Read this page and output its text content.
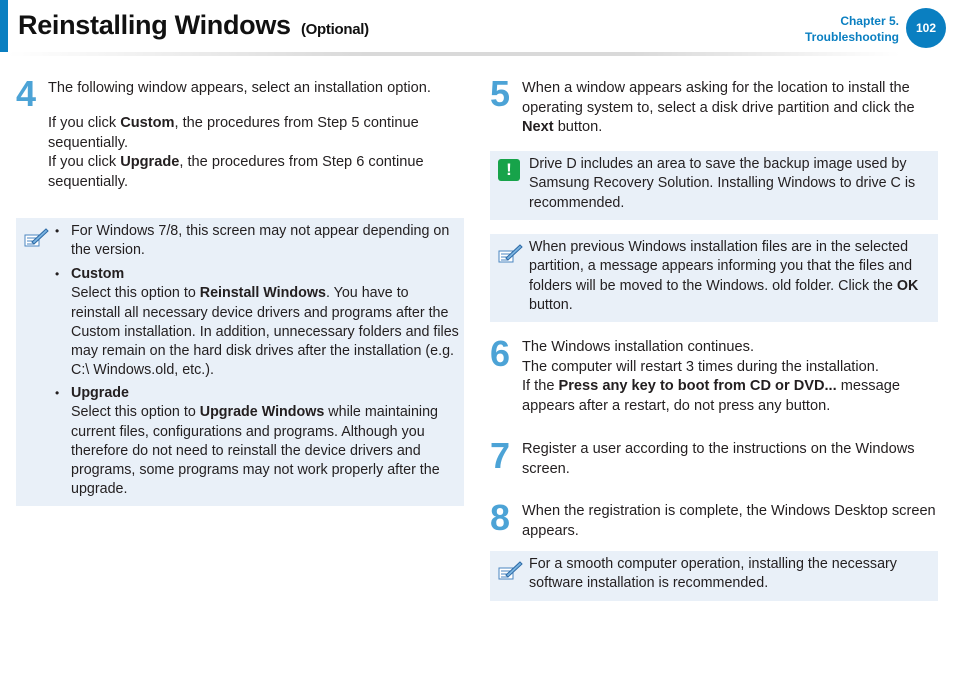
Reinstalling Windows (Optional)	Chapter 5.
Troubleshooting
102
4 The following window appears, select an installation option.
If you click Custom, the procedures from Step 5 continue sequentially.
If you click Upgrade, the procedures from Step 6 continue sequentially.
• For Windows 7/8, this screen may not appear depending on the version.
• Custom
Select this option to Reinstall Windows. You have to reinstall all necessary device drivers and programs after the Custom installation. In addition, unnecessary folders and files may remain on the hard disk drives after the installation (e.g. C:\ Windows.old, etc.).
• Upgrade
Select this option to Upgrade Windows while maintaining current files, configurations and programs. Although you therefore do not need to reinstall the device drivers and programs, some programs may not work properly after the upgrade.
5 When a window appears asking for the location to install the operating system to, select a disk drive partition and click the Next button.
!	Drive D includes an area to save the backup image used by Samsung Recovery Solution. Installing Windows to drive C is recommended.
When previous Windows installation files are in the selected partition, a message appears informing you that the files and folders will be moved to the Windows. old folder. Click the OK button.
6 The Windows installation continues.
The computer will restart 3 times during the installation.
If the Press any key to boot from CD or DVD... message appears after a restart, do not press any button.
7 Register a user according to the instructions on the Windows screen.
8 When the registration is complete, the Windows Desktop screen appears.
For a smooth computer operation, installing the necessary software installation is recommended.
